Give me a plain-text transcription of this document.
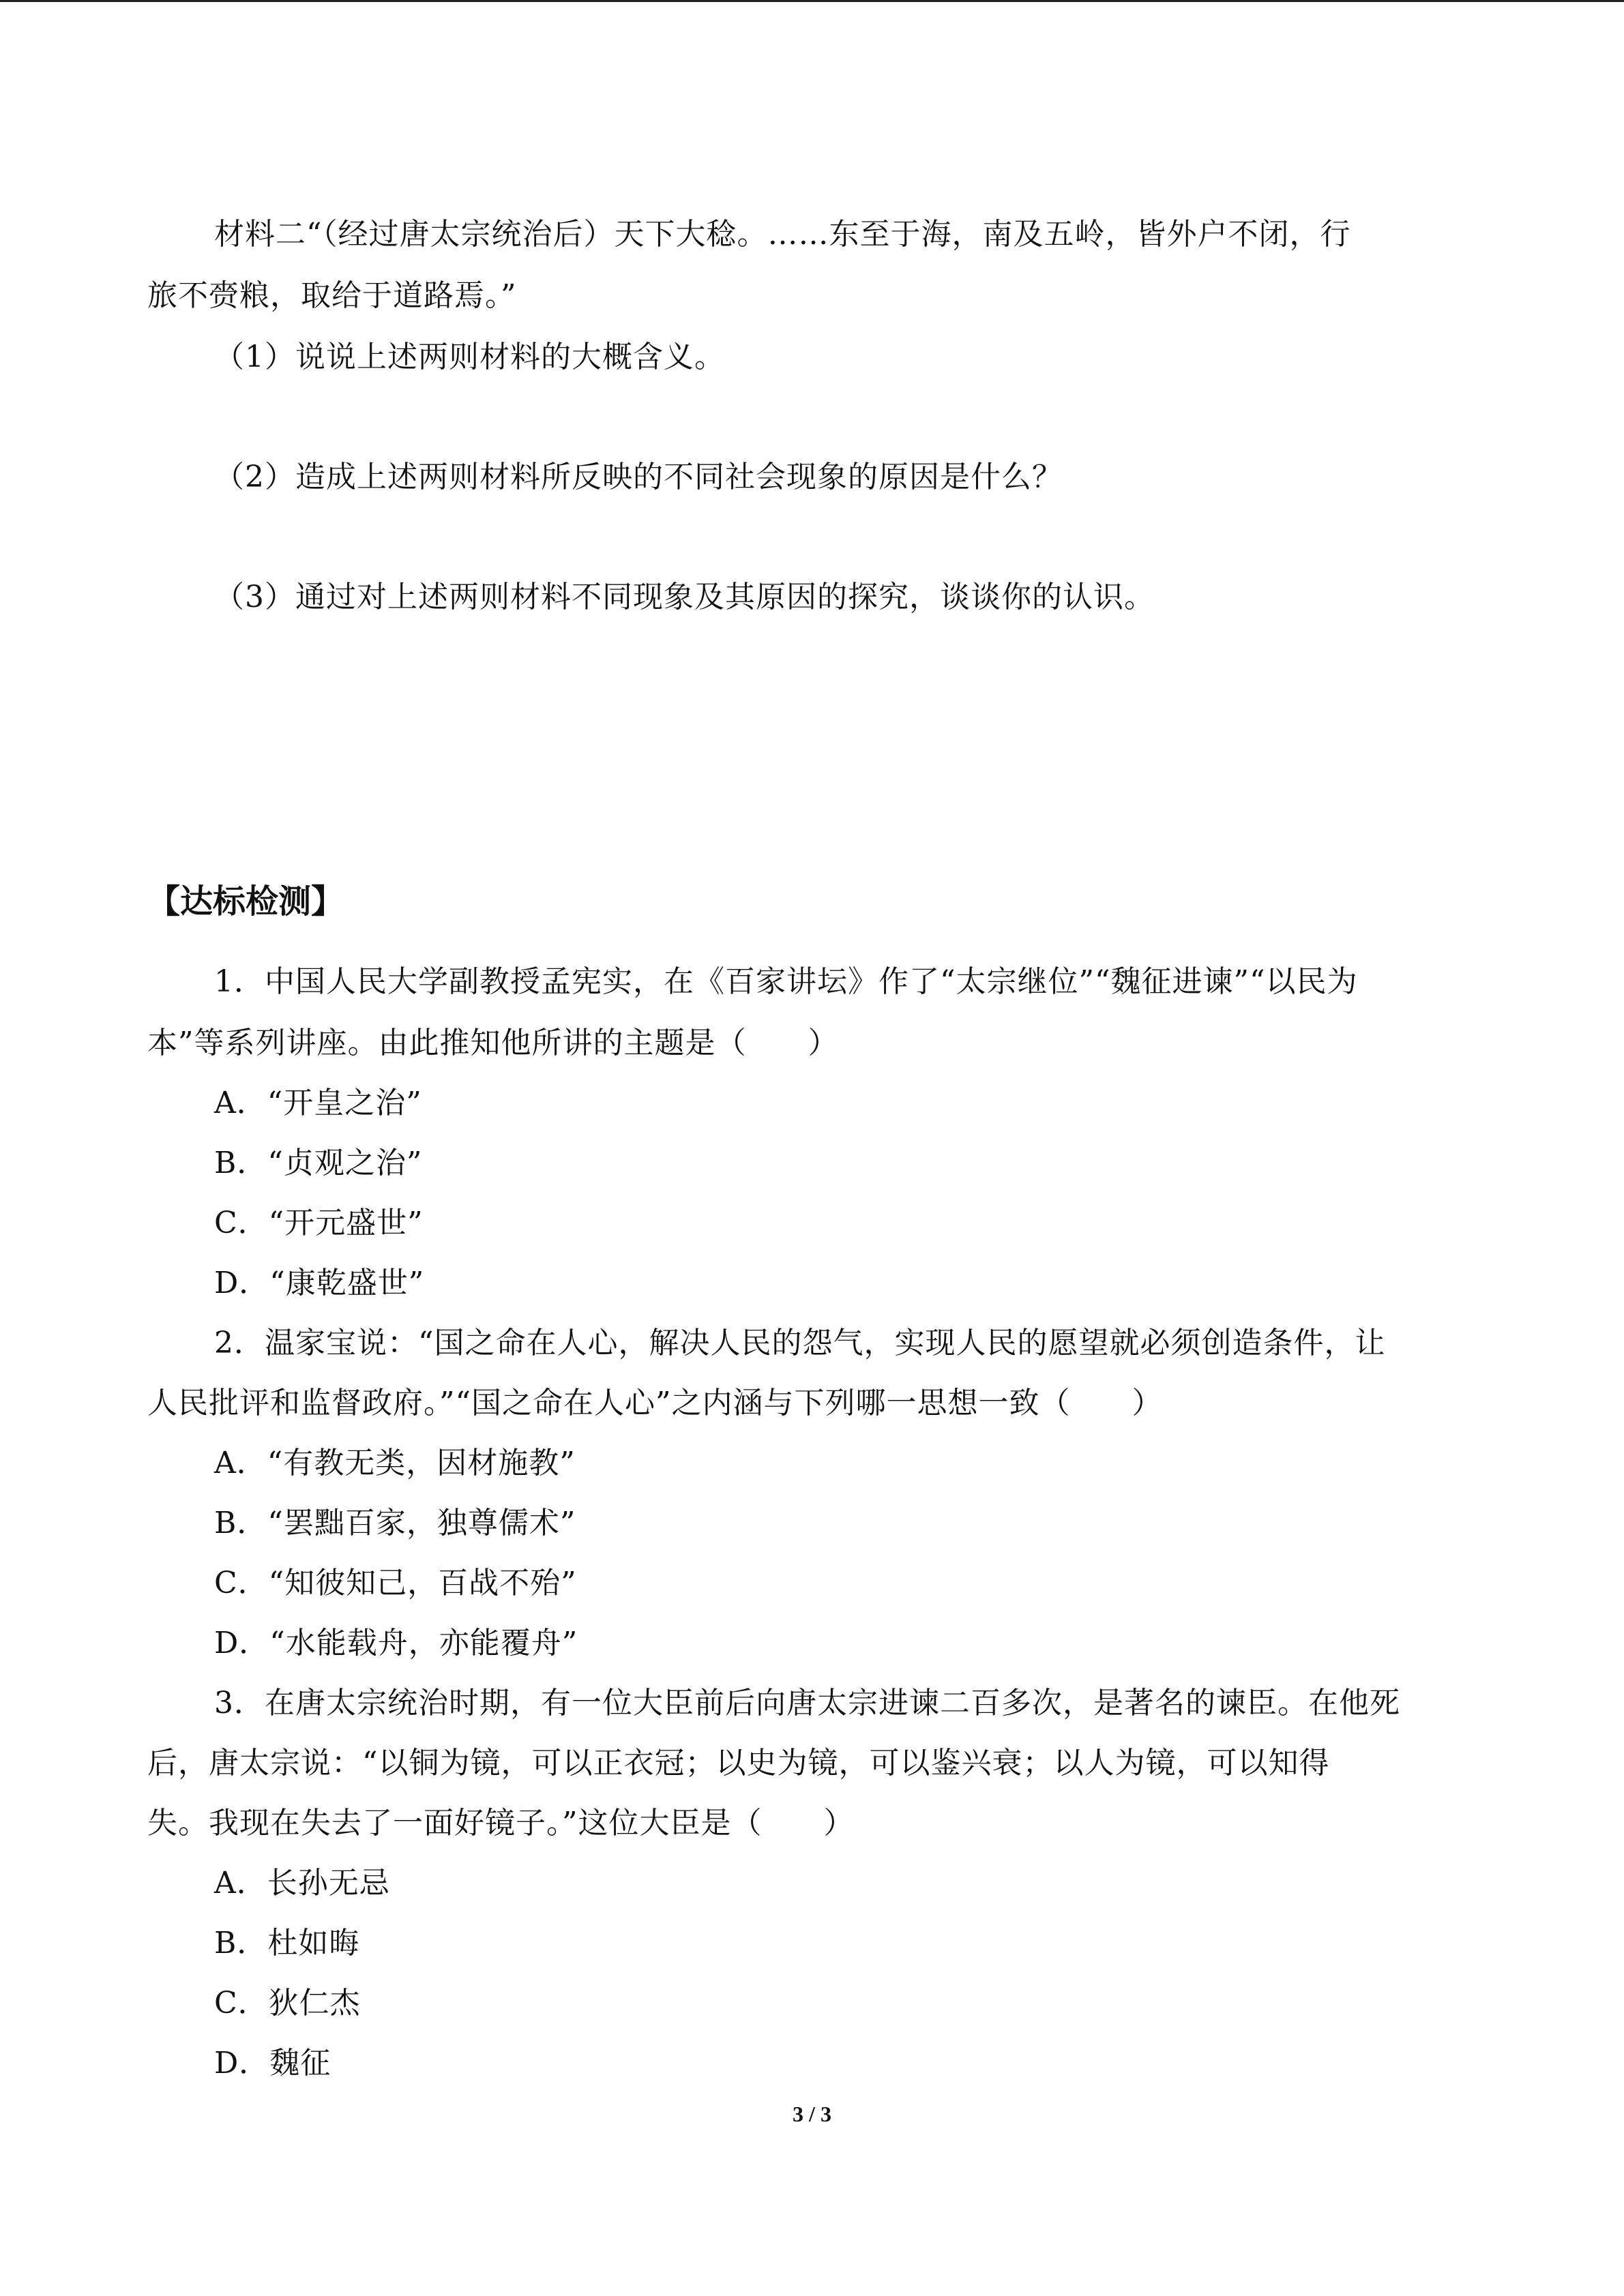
材料二“（经过唐太宗统治后）天下大稔。……东至于海，南及五岭，皆外户不闭，行
旅不赍粮，取给于道路焉。”
（1）说说上述两则材料的大概含义。
（2）造成上述两则材料所反映的不同社会现象的原因是什么？
（3）通过对上述两则材料不同现象及其原因的探究，谈谈你的认识。
【达标检测】
1．中国人民大学副教授孟宪实，在《百家讲坛》作了“太宗继位”“魏征进谏”“以民为
本”等系列讲座。由此推知他所讲的主题是（　　）
A．“开皇之治”
B．“贞观之治”
C．“开元盛世”
D．“康乾盛世”
2．温家宝说：“国之命在人心，解决人民的怨气，实现人民的愿望就必须创造条件，让
人民批评和监督政府。”“国之命在人心”之内涵与下列哪一思想一致（　　）
A．“有教无类，因材施教”
B．“罢黜百家，独尊儒术”
C．“知彼知己，百战不殆”
D．“水能载舟，亦能覆舟”
3．在唐太宗统治时期，有一位大臣前后向唐太宗进谏二百多次，是著名的谏臣。在他死
后，唐太宗说：“以铜为镜，可以正衣冠；以史为镜，可以鉴兴衰；以人为镜，可以知得
失。我现在失去了一面好镜子。”这位大臣是（　　）
A．长孙无忌
B．杜如晦
C．狄仁杰
D．魏征
3 / 3
